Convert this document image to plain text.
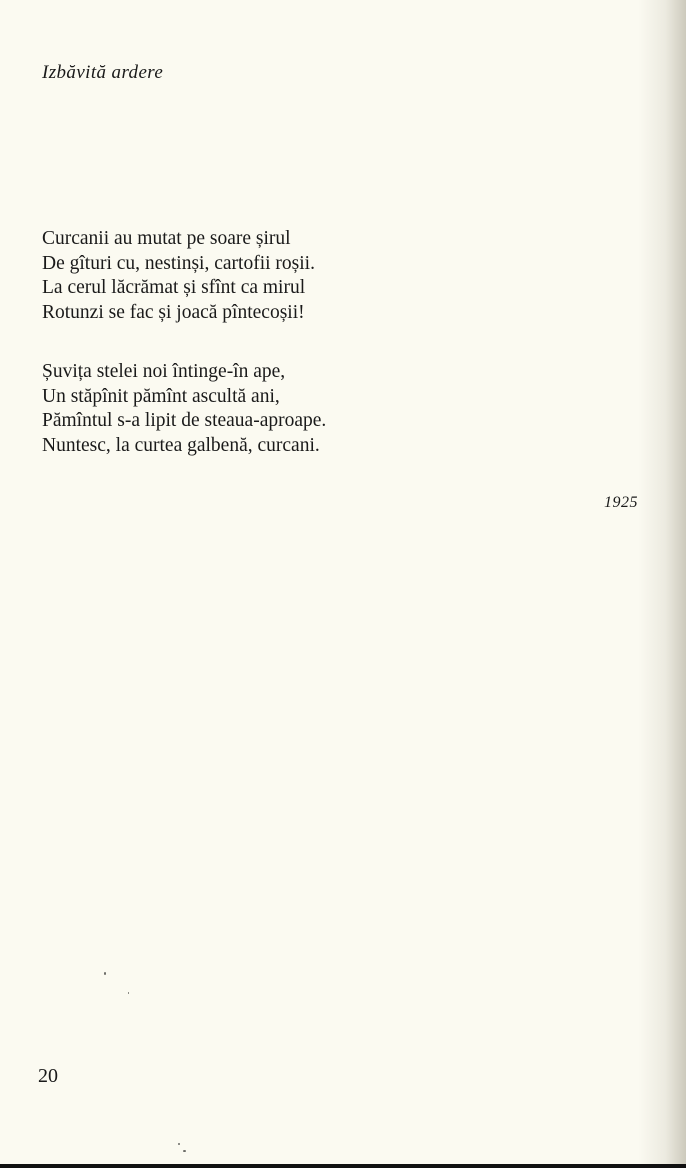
Izbăvită ardere
Curcanii au mutat pe soare șirul
De gîturi cu, nestinși, cartofii roșii.
La cerul lăcrămat și sfînt ca mirul
Rotunzi se fac și joacă pîntecoșii!
Șuvița stelei noi întinge-în ape,
Un stăpînit pămînt ascultă ani,
Pămîntul s-a lipit de steaua-aproape.
Nuntesc, la curtea galbenă, curcani.
1925
20
